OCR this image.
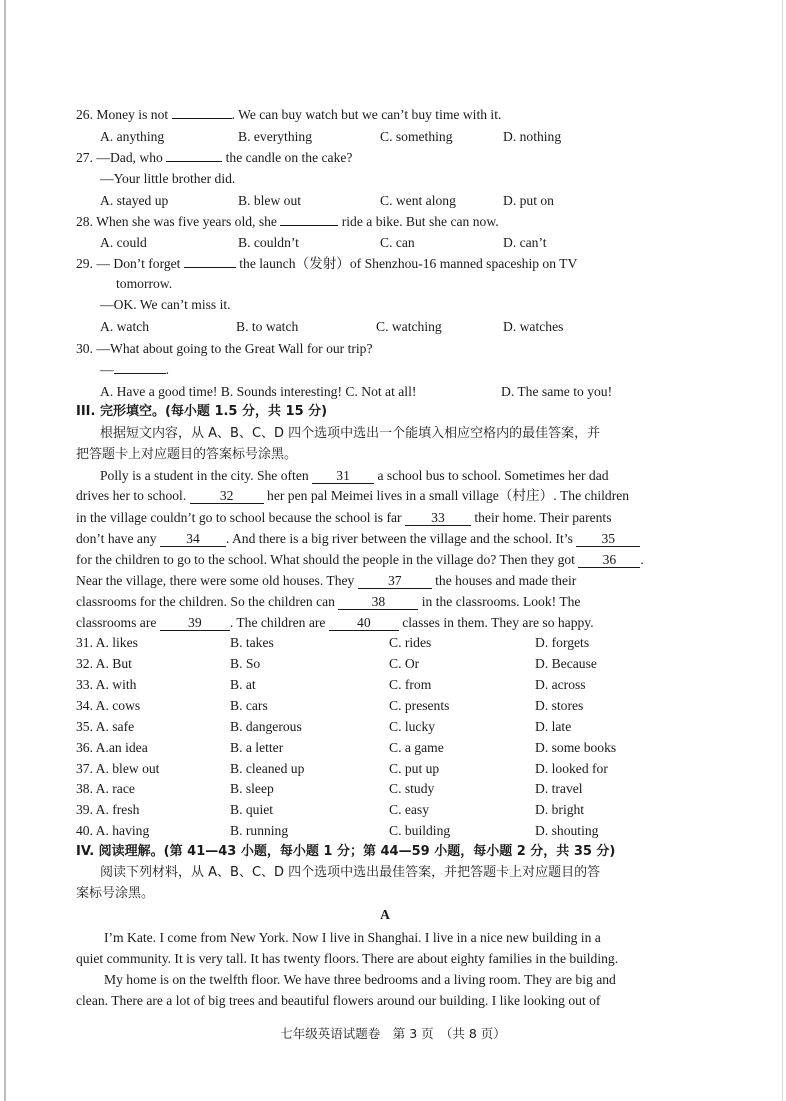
26. Money is not	. We can buy watch but we can’t buy time with it.
A. anything	B. everything	C. something	D. nothing
27. —Dad, who	the candle on the cake?
—Your little brother did.
A. stayed up	B. blew out	C. went along	D. put on
28. When she was five years old, she	ride a bike. But she can now.
A. could	B. couldn’t	C. can	D. can’t
29. — Don’t forget	the launch（发射）of Shenzhou-16 manned spaceship on TV
tomorrow.
—OK. We can’t miss it.
A. watch	B. to watch	C. watching	D. watches
30. —What about going to the Great Wall for our trip?
—	.
A. Have a good time! B. Sounds interesting! C. Not at all!	D. The same to you!
III. 完形填空。(每小题 1.5 分，共 15 分)
根据短文内容，从 A、B、C、D 四个选项中选出一个能填入相应空格内的最佳答案，并
把答题卡上对应题目的答案标号涂黑。
Polly is a student in the city. She often 31 a school bus to school. Sometimes her dad
drives her to school. 32 her pen pal Meimei lives in a small village（村庄）. The children
in the village couldn’t go to school because the school is far 33 their home. Their parents
don’t have any 34 . And there is a big river between the village and the school. It’s 35
for the children to go to the school. What should the people in the village do? Then they got 36 .
Near the village, there were some old houses. They 37 the houses and made their
classrooms for the children. So the children can 38 in the classrooms. Look! The
classrooms are 39 . The children are 40 classes in them. They are so happy.
31. A. likes	B. takes	C. rides	D. forgets
32. A. But	B. So	C. Or	D. Because
33. A. with	B. at	C. from	D. across
34. A. cows	B. cars	C. presents	D. stores
35. A. safe	B. dangerous	C. lucky	D. late
36. A.an idea	B. a letter	C. a game	D. some books
37. A. blew out	B. cleaned up	C. put up	D. looked for
38. A. race	B. sleep	C. study	D. travel
39. A. fresh	B. quiet	C. easy	D. bright
40. A. having	B. running	C. building	D. shouting
IV. 阅读理解。(第 41—43 小题，每小题 1 分；第 44—59 小题，每小题 2 分，共 35 分)
阅读下列材料，从 A、B、C、D 四个选项中选出最佳答案，并把答题卡上对应题目的答
案标号涂黑。
A
I’m Kate. I come from New York. Now I live in Shanghai. I live in a nice new building in a
quiet community. It is very tall. It has twenty floors. There are about eighty families in the building.
My home is on the twelfth floor. We have three bedrooms and a living room. They are big and
clean. There are a lot of big trees and beautiful flowers around our building. I like looking out of
七年级英语试题卷　第 3 页　（共 8 页）
